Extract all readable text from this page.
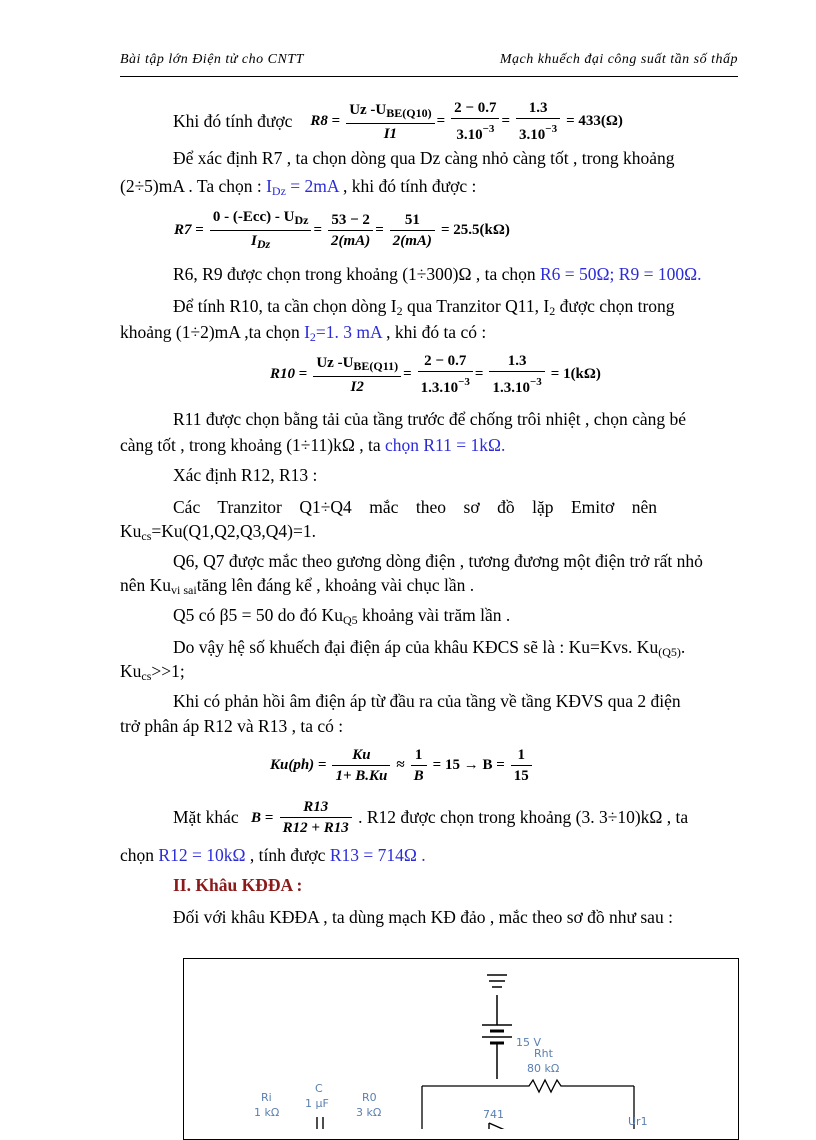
Bài tập lớn Điện tử cho CNTT	Mạch khuếch đại công suất tần số thấp
Khi đó tính được $R8 = \frac{Uz -U_{BE(Q10)}}{I1} = \frac{2 - 0.7}{3.10^{-3}} = \frac{1.3}{3.10^{-3}} = 433(\Omega)$
Để xác định R7 , ta chọn dòng qua Dz càng nhỏ càng tốt , trong khoảng
(2÷5)mA . Ta chọn : $I_{Dz} = 2mA$ , khi đó tính được :
$R7 = \frac{0 - (-Ecc) - U_{Dz}}{I_{Dz}} = \frac{53 - 2}{2(mA)} = \frac{51}{2(mA)} = 25.5(k\Omega)$
R6, R9 được chọn trong khoảng (1÷300)Ω , ta chọn R6 = 50Ω; R9 = 100Ω.
Để tính R10, ta cần chọn dòng $I_2$ qua Tranzitor Q11, $I_2$ được chọn trong
khoảng (1÷2)mA ,ta chọn $I_2=1$. 3 mA , khi đó ta có :
$R10 = \frac{Uz -U_{BE(Q11)}}{I2} = \frac{2 - 0.7}{1.3.10^{-3}} = \frac{1.3}{1.3.10^{-3}} = 1(k\Omega)$
R11 được chọn bằng tải của tầng trước để chống trôi nhiệt , chọn càng bé
càng tốt , trong khoảng (1÷11)kΩ , ta chọn R11 = 1kΩ.
Xác định R12, R13 :
Các    Tranzitor    Q1÷Q4    mắc    theo    sơ    đồ    lặp    Emitơ    nên
$Ku_{cs}=Ku(Q1,Q2,Q3,Q4)=1$.
Q6, Q7 được mắc theo gương dòng điện , tương đương một điện trở rất nhỏ
nên $Ku_{vi sai}tăng$ lên đáng kể , khoảng vài chục lần .
Q5 có β5 = 50 do đó $Ku_{Q5}$ khoảng vài trăm lần .
Do vậy hệ số khuếch đại điện áp của khâu KĐCS sẽ là : Ku=Kvs. $Ku_{(Q5)}$.
$Ku_{cs}>>1$;
Khi có phản hồi âm điện áp từ đầu ra của tầng về tầng KĐVS qua 2 điện
trở phân áp R12 và R13 , ta có :
$Ku(ph) = \frac{Ku}{1+ B.Ku} \approx \frac{1}{B} = 15 \to B = \frac{1}{15}$
Mặt khác $B = \frac{R13}{R12 + R13}$ . R12 được chọn trong khoảng (3. 3÷10)kΩ , ta
chọn R12 = 10kΩ , tính được R13 = 714Ω .
II. Khâu KĐĐA :
Đối với khâu KĐĐA , ta dùng mạch KĐ đảo , mắc theo sơ đồ như sau :
15 V
Rht
80 kΩ
741
Ri
1 kΩ
C
1 μF	R0
3 kΩ
Ur1
